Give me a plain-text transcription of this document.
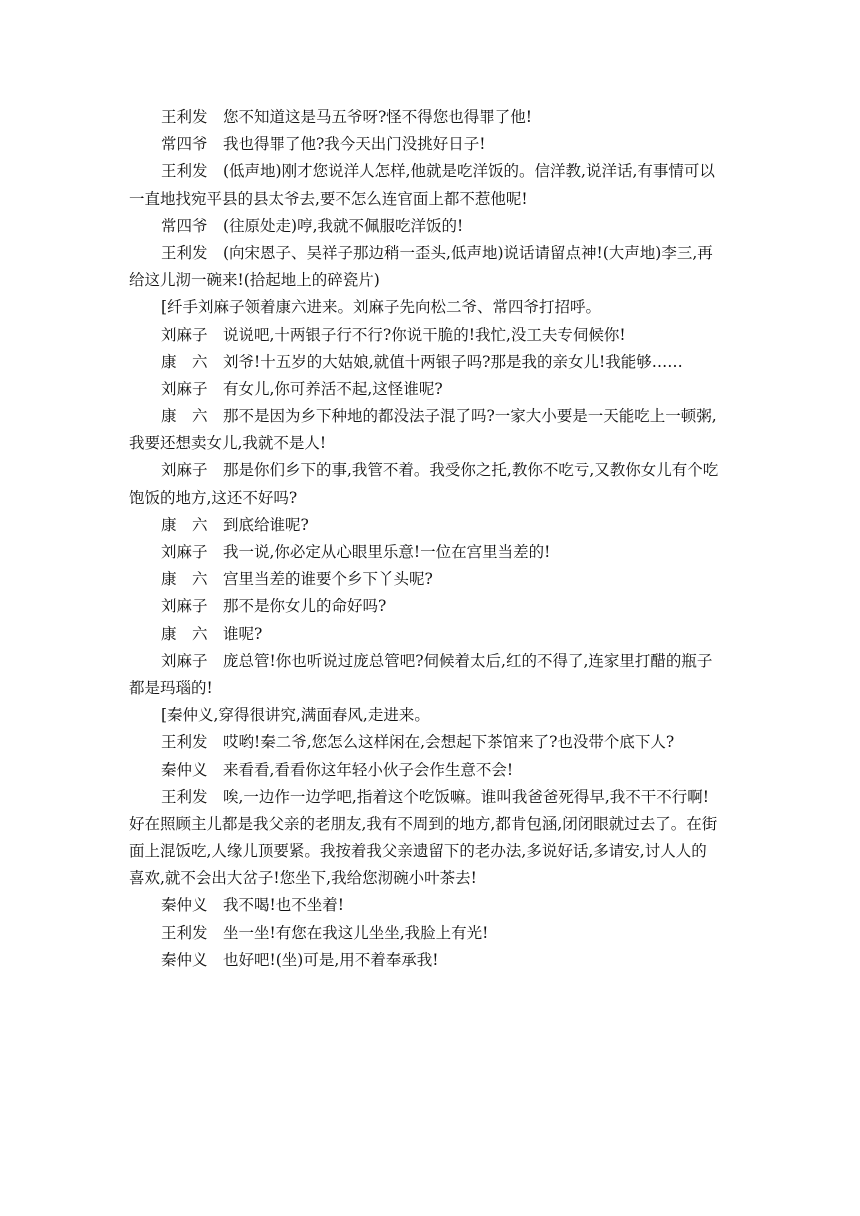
王利发 您不知道这是马五爷呀?怪不得您也得罪了他!
常四爷 我也得罪了他?我今天出门没挑好日子!
王利发 (低声地)刚才您说洋人怎样,他就是吃洋饭的。信洋教,说洋话,有事情可以
一直地找宛平县的县太爷去,要不怎么连官面上都不惹他呢!
常四爷 (往原处走)哼,我就不佩服吃洋饭的!
王利发 (向宋恩子、吴祥子那边稍一歪头,低声地)说话请留点神!(大声地)李三,再
给这儿沏一碗来!(拾起地上的碎瓷片)
[纤手刘麻子领着康六进来。刘麻子先向松二爷、常四爷打招呼。
刘麻子 说说吧,十两银子行不行?你说干脆的!我忙,没工夫专伺候你!
康　六 刘爷!十五岁的大姑娘,就值十两银子吗?那是我的亲女儿!我能够……
刘麻子 有女儿,你可养活不起,这怪谁呢?
康　六 那不是因为乡下种地的都没法子混了吗?一家大小要是一天能吃上一顿粥,
我要还想卖女儿,我就不是人!
刘麻子 那是你们乡下的事,我管不着。我受你之托,教你不吃亏,又教你女儿有个吃
饱饭的地方,这还不好吗?
康　六 到底给谁呢?
刘麻子 我一说,你必定从心眼里乐意!一位在宫里当差的!
康　六 宫里当差的谁要个乡下丫头呢?
刘麻子 那不是你女儿的命好吗?
康　六 谁呢?
刘麻子 庞总管!你也听说过庞总管吧?伺候着太后,红的不得了,连家里打醋的瓶子
都是玛瑙的!
[秦仲义,穿得很讲究,满面春风,走进来。
王利发 哎哟!秦二爷,您怎么这样闲在,会想起下茶馆来了?也没带个底下人?
秦仲义 来看看,看看你这年轻小伙子会作生意不会!
王利发 唉,一边作一边学吧,指着这个吃饭嘛。谁叫我爸爸死得早,我不干不行啊!
好在照顾主儿都是我父亲的老朋友,我有不周到的地方,都肯包涵,闭闭眼就过去了。在街
面上混饭吃,人缘儿顶要紧。我按着我父亲遗留下的老办法,多说好话,多请安,讨人人的
喜欢,就不会出大岔子!您坐下,我给您沏碗小叶茶去!
秦仲义 我不喝!也不坐着!
王利发 坐一坐!有您在我这儿坐坐,我脸上有光!
秦仲义 也好吧!(坐)可是,用不着奉承我!
